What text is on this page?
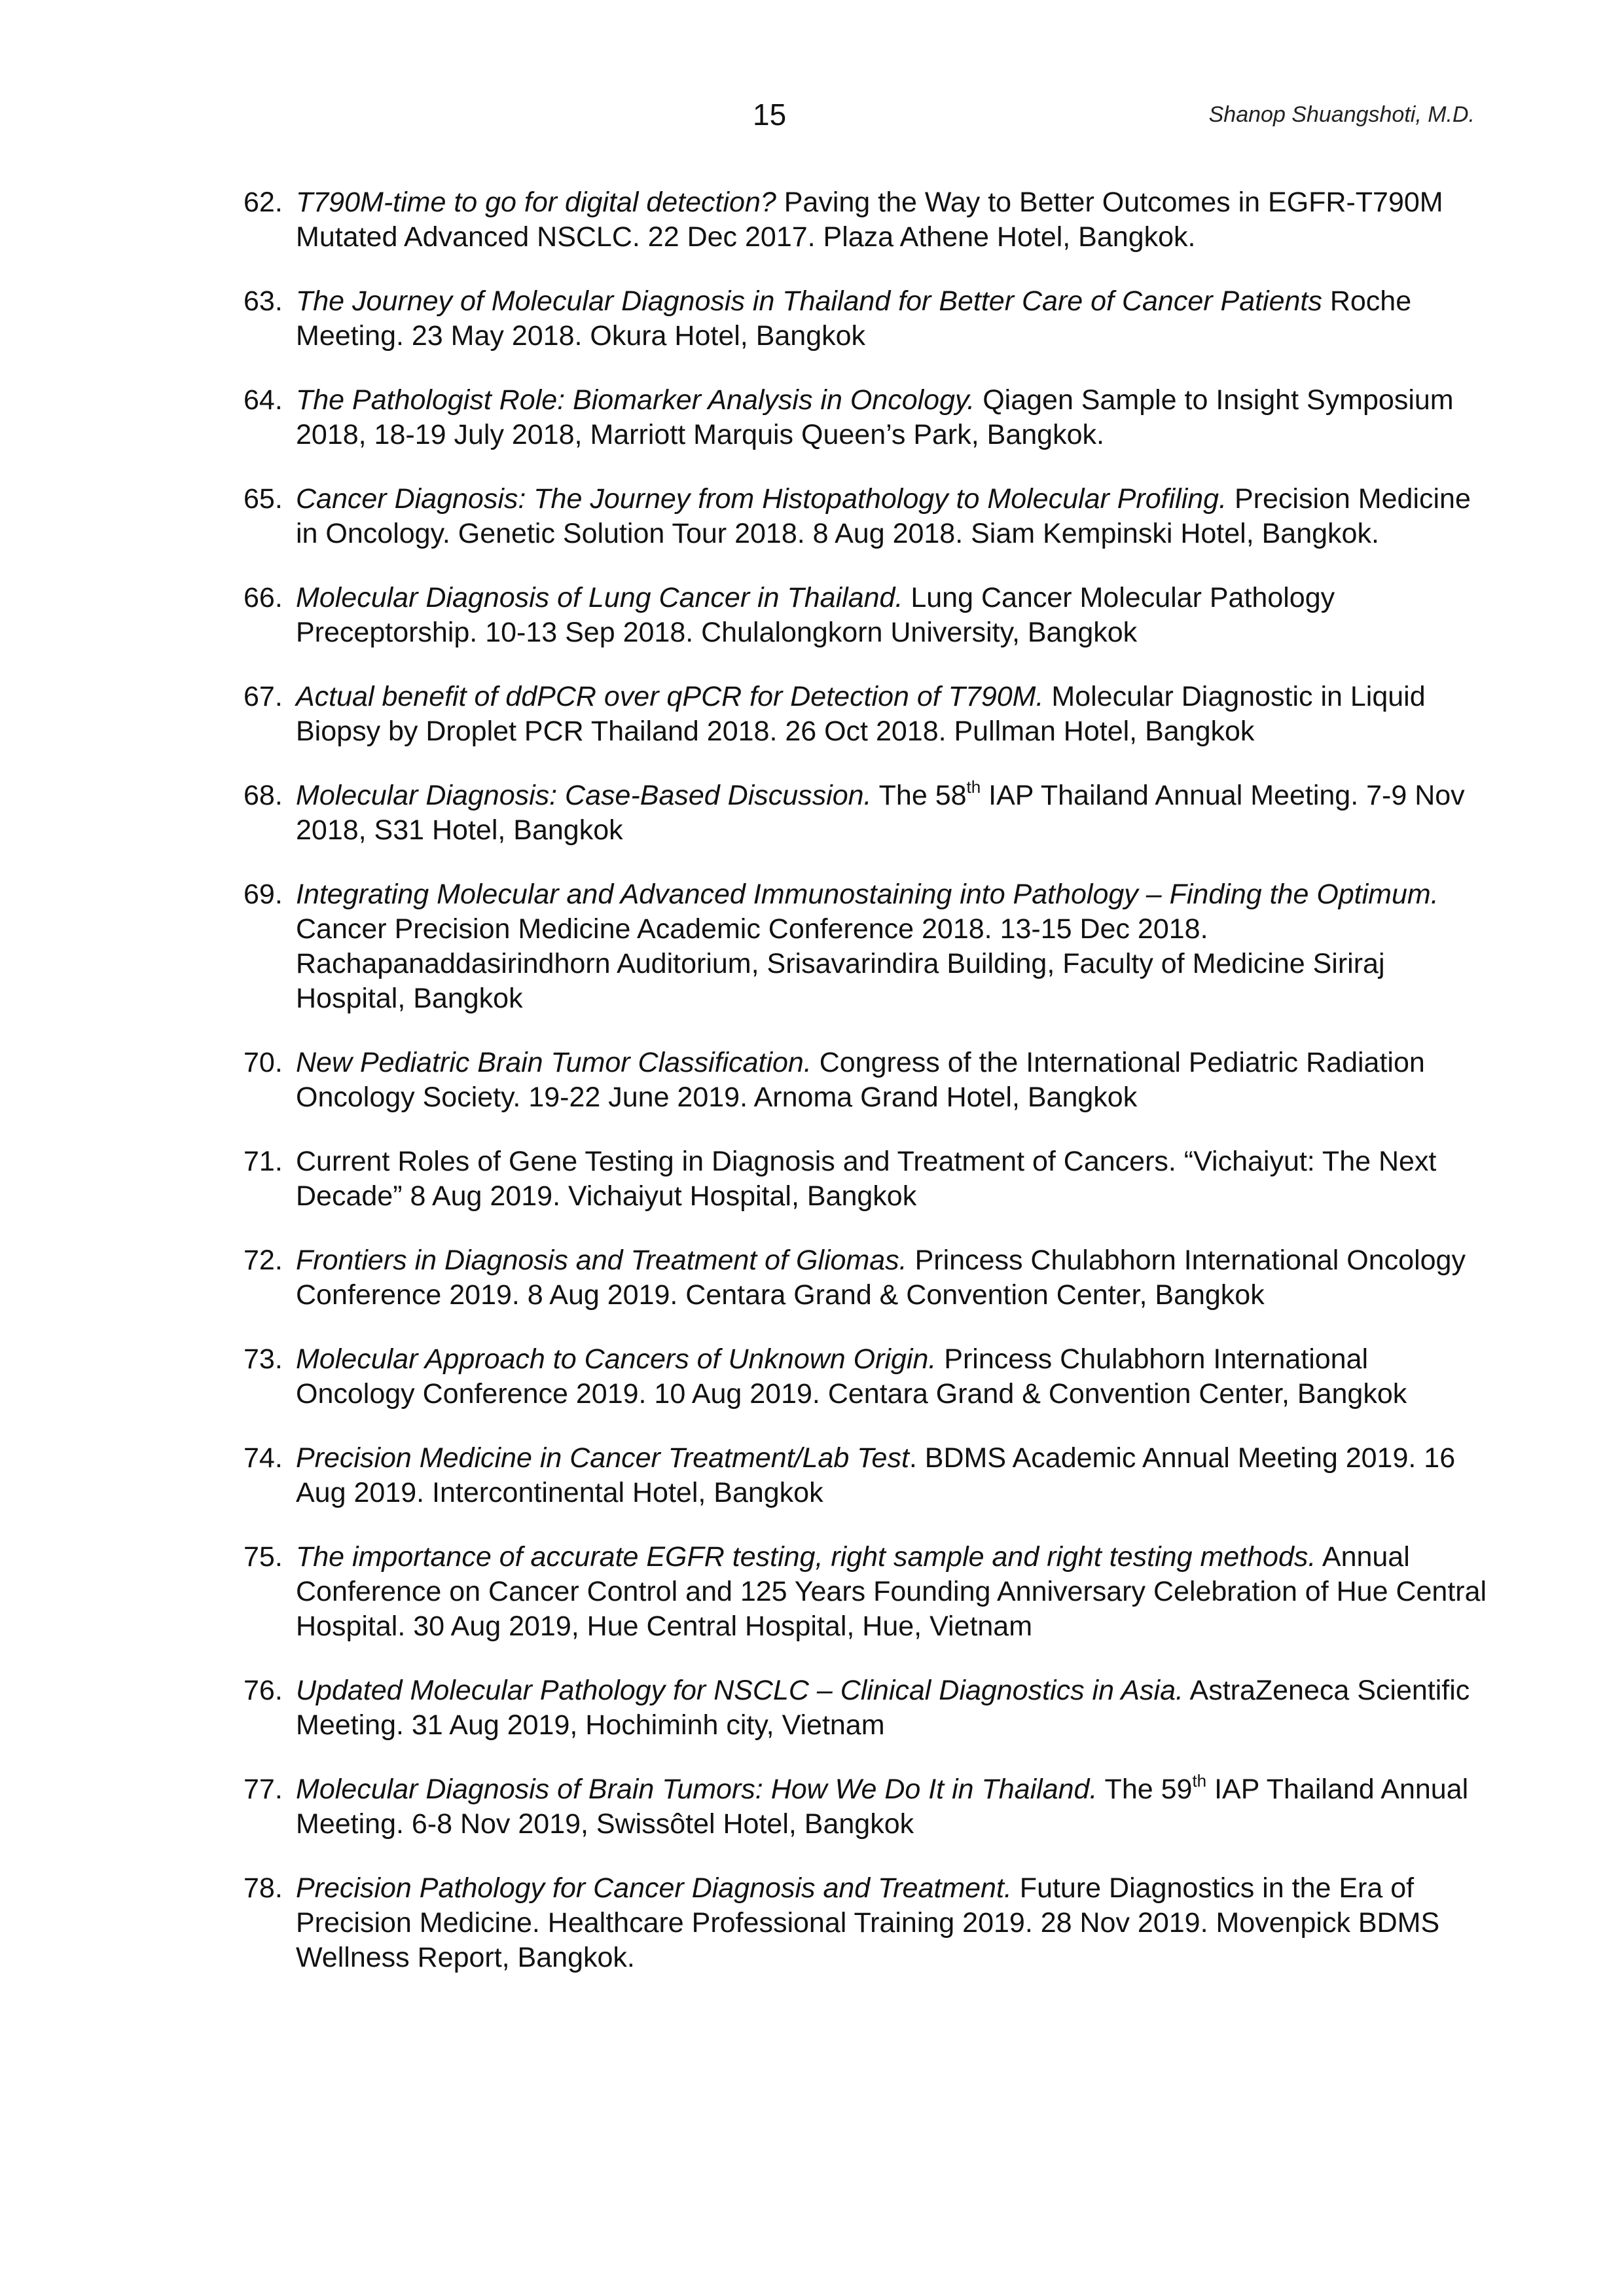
15	Shanop Shuangshoti, M.D.
62. T790M-time to go for digital detection? Paving the Way to Better Outcomes in EGFR-T790M Mutated Advanced NSCLC. 22 Dec 2017. Plaza Athene Hotel, Bangkok.
63. The Journey of Molecular Diagnosis in Thailand for Better Care of Cancer Patients Roche Meeting. 23 May 2018. Okura Hotel, Bangkok
64. The Pathologist Role: Biomarker Analysis in Oncology. Qiagen Sample to Insight Symposium 2018, 18-19 July 2018, Marriott Marquis Queen’s Park, Bangkok.
65. Cancer Diagnosis: The Journey from Histopathology to Molecular Profiling. Precision Medicine in Oncology. Genetic Solution Tour 2018. 8 Aug 2018. Siam Kempinski Hotel, Bangkok.
66. Molecular Diagnosis of Lung Cancer in Thailand. Lung Cancer Molecular Pathology Preceptorship. 10-13 Sep 2018. Chulalongkorn University, Bangkok
67. Actual benefit of ddPCR over qPCR for Detection of T790M. Molecular Diagnostic in Liquid Biopsy by Droplet PCR Thailand 2018. 26 Oct 2018. Pullman Hotel, Bangkok
68. Molecular Diagnosis: Case-Based Discussion. The 58th IAP Thailand Annual Meeting. 7-9 Nov 2018, S31 Hotel, Bangkok
69. Integrating Molecular and Advanced Immunostaining into Pathology – Finding the Optimum. Cancer Precision Medicine Academic Conference 2018. 13-15 Dec 2018. Rachapanaddasirindhorn Auditorium, Srisavarindira Building, Faculty of Medicine Siriraj Hospital, Bangkok
70. New Pediatric Brain Tumor Classification. Congress of the International Pediatric Radiation Oncology Society. 19-22 June 2019. Arnoma Grand Hotel, Bangkok
71. Current Roles of Gene Testing in Diagnosis and Treatment of Cancers. “Vichaiyut: The Next Decade” 8 Aug 2019. Vichaiyut Hospital, Bangkok
72. Frontiers in Diagnosis and Treatment of Gliomas. Princess Chulabhorn International Oncology Conference 2019. 8 Aug 2019. Centara Grand & Convention Center, Bangkok
73. Molecular Approach to Cancers of Unknown Origin. Princess Chulabhorn International Oncology Conference 2019. 10 Aug 2019. Centara Grand & Convention Center, Bangkok
74. Precision Medicine in Cancer Treatment/Lab Test. BDMS Academic Annual Meeting 2019. 16 Aug 2019. Intercontinental Hotel, Bangkok
75. The importance of accurate EGFR testing, right sample and right testing methods. Annual Conference on Cancer Control and 125 Years Founding Anniversary Celebration of Hue Central Hospital. 30 Aug 2019, Hue Central Hospital, Hue, Vietnam
76. Updated Molecular Pathology for NSCLC – Clinical Diagnostics in Asia. AstraZeneca Scientific Meeting. 31 Aug 2019, Hochiminh city, Vietnam
77. Molecular Diagnosis of Brain Tumors: How We Do It in Thailand. The 59th IAP Thailand Annual Meeting. 6-8 Nov 2019, Swissôtel Hotel, Bangkok
78. Precision Pathology for Cancer Diagnosis and Treatment. Future Diagnostics in the Era of Precision Medicine. Healthcare Professional Training 2019. 28 Nov 2019. Movenpick BDMS Wellness Report, Bangkok.
